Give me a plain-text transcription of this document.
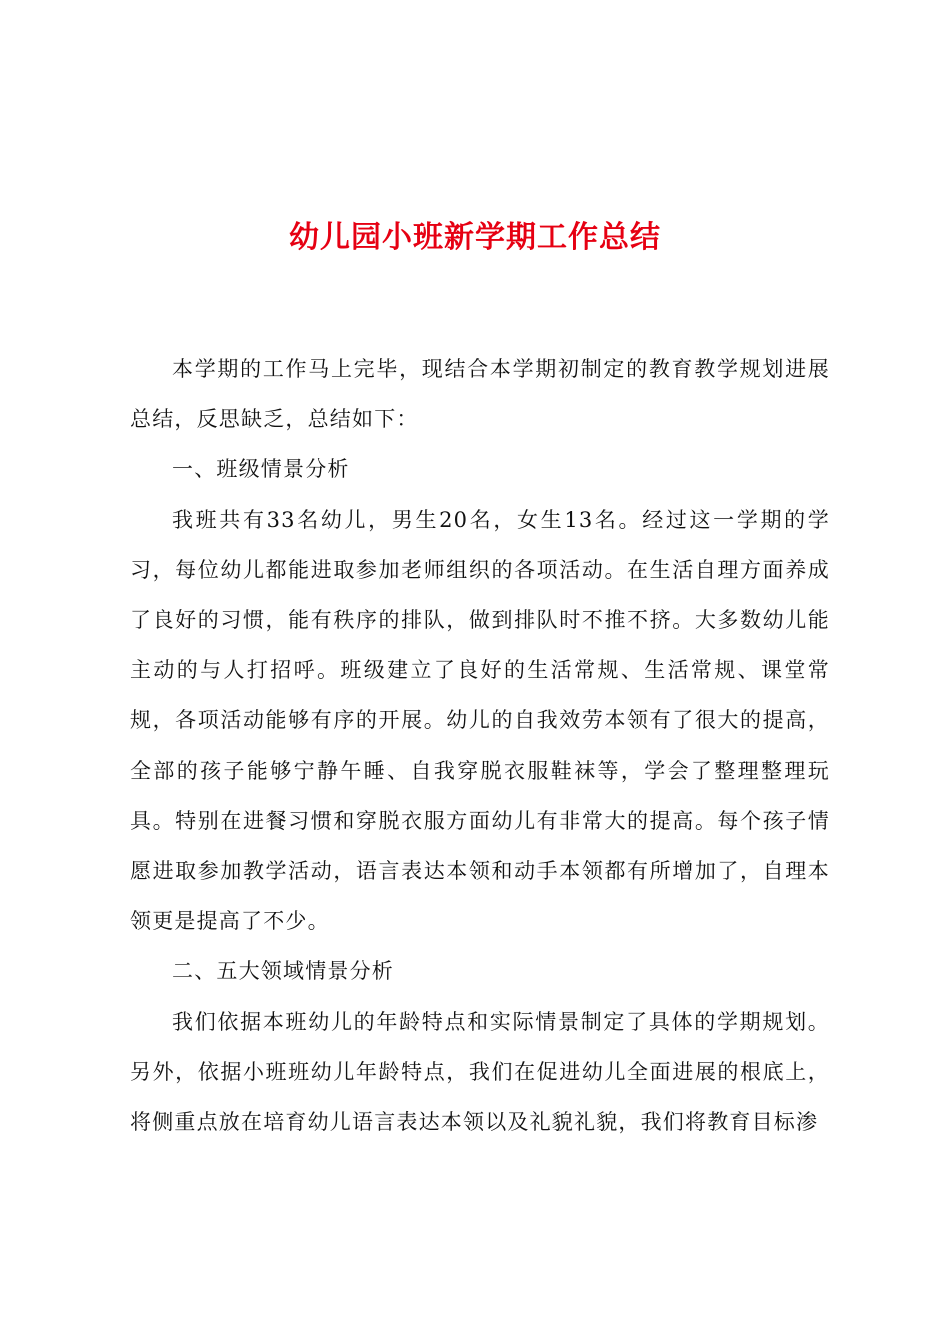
幼儿园小班新学期工作总结

本学期的工作马上完毕，现结合本学期初制定的教育教学规划进展总结，反思缺乏，总结如下：

一、班级情景分析

我班共有33名幼儿，男生20名，女生13名。经过这一学期的学习，每位幼儿都能进取参加老师组织的各项活动。在生活自理方面养成了良好的习惯，能有秩序的排队，做到排队时不推不挤。大多数幼儿能主动的与人打招呼。班级建立了良好的生活常规、生活常规、课堂常规，各项活动能够有序的开展。幼儿的自我效劳本领有了很大的提高，全部的孩子能够宁静午睡、自我穿脱衣服鞋袜等，学会了整理整理玩具。特别在进餐习惯和穿脱衣服方面幼儿有非常大的提高。每个孩子情愿进取参加教学活动，语言表达本领和动手本领都有所增加了，自理本领更是提高了不少。

二、五大领域情景分析

我们依据本班幼儿的年龄特点和实际情景制定了具体的学期规划。另外，依据小班班幼儿年龄特点，我们在促进幼儿全面进展的根底上，将侧重点放在培育幼儿语言表达本领以及礼貌礼貌，我们将教育目标渗
